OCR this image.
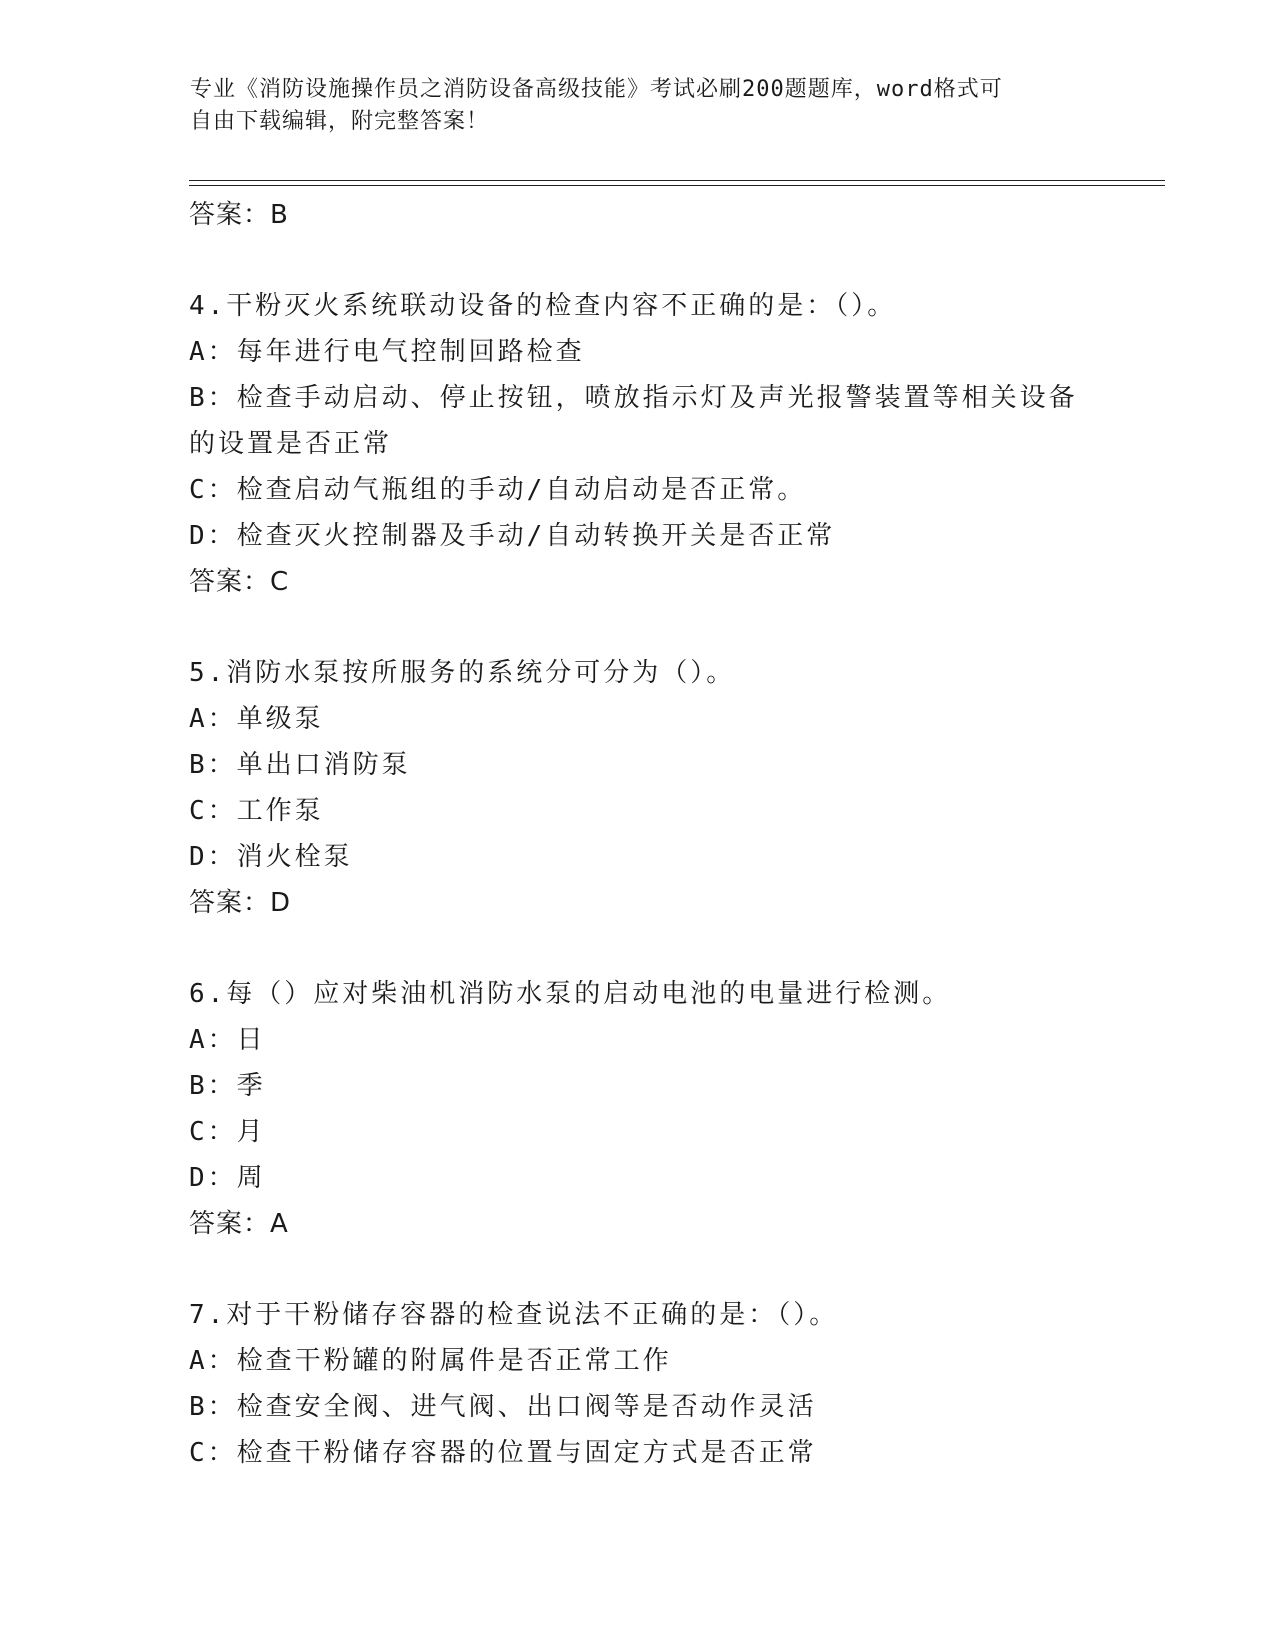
专业《消防设施操作员之消防设备高级技能》考试必刷200题题库，word格式可
自由下载编辑，附完整答案！
答案：B
4.干粉灭火系统联动设备的检查内容不正确的是：（）。
A：每年进行电气控制回路检查
B：检查手动启动、停止按钮，喷放指示灯及声光报警装置等相关设备
的设置是否正常
C：检查启动气瓶组的手动/自动启动是否正常。
D：检查灭火控制器及手动/自动转换开关是否正常
答案：C
5.消防水泵按所服务的系统分可分为（）。
A：单级泵
B：单出口消防泵
C：工作泵
D：消火栓泵
答案：D
6.每（）应对柴油机消防水泵的启动电池的电量进行检测。
A：日
B：季
C：月
D：周
答案：A
7.对于干粉储存容器的检查说法不正确的是：（）。
A：检查干粉罐的附属件是否正常工作
B：检查安全阀、进气阀、出口阀等是否动作灵活
C：检查干粉储存容器的位置与固定方式是否正常
